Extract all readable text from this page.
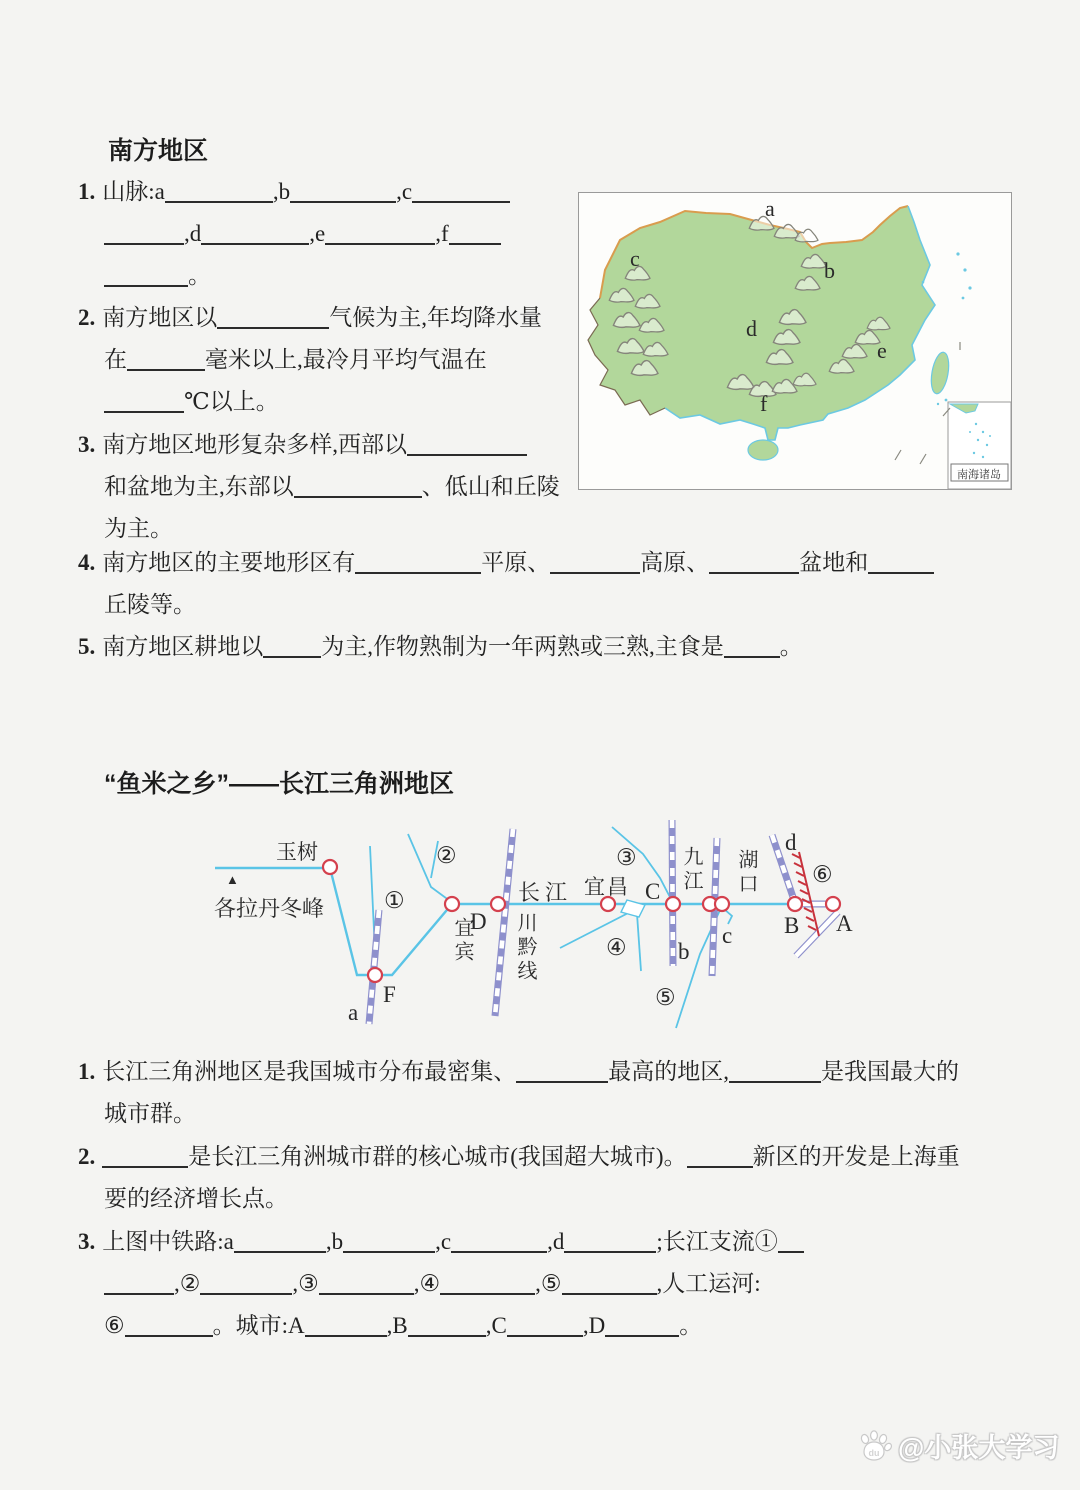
南方地区
1. 山脉:a	,b	,c
,d	,e	,f
。
2. 南方地区以	气候为主,年均降水量
在	毫米以上,最冷月平均气温在
℃以上。
3. 南方地区地形复杂多样,西部以
和盆地为主,东部以	、低山和丘陵
为主。
4. 南方地区的主要地形区有	平原、	高原、	盆地和
丘陵等。
5. 南方地区耕地以	为主,作物熟制为一年两熟或三熟,主食是 。
a
b
c
d
e
f
南海诸岛
“鱼米之乡”——长江三角洲地区
玉树
▲
各拉丹冬峰	①
②	③
④
⑤
⑥
宜宾
长江
川黔线
宜昌	九江 湖口
F
D
C
B A
a
b
c
d
1. 长江三角洲地区是我国城市分布最密集、	最高的地区,	是我国最大的
城市群。
2.	是长江三角洲城市群的核心城市(我国超大城市)。	新区的开发是上海重
要的经济增长点。
3. 上图中铁路:a	,b	,c	,d	;长江支流①
,②	,③	,④	,⑤	,人工运河:
⑥	。城市:A	,B	,C	,D	。
du @小张大学习
